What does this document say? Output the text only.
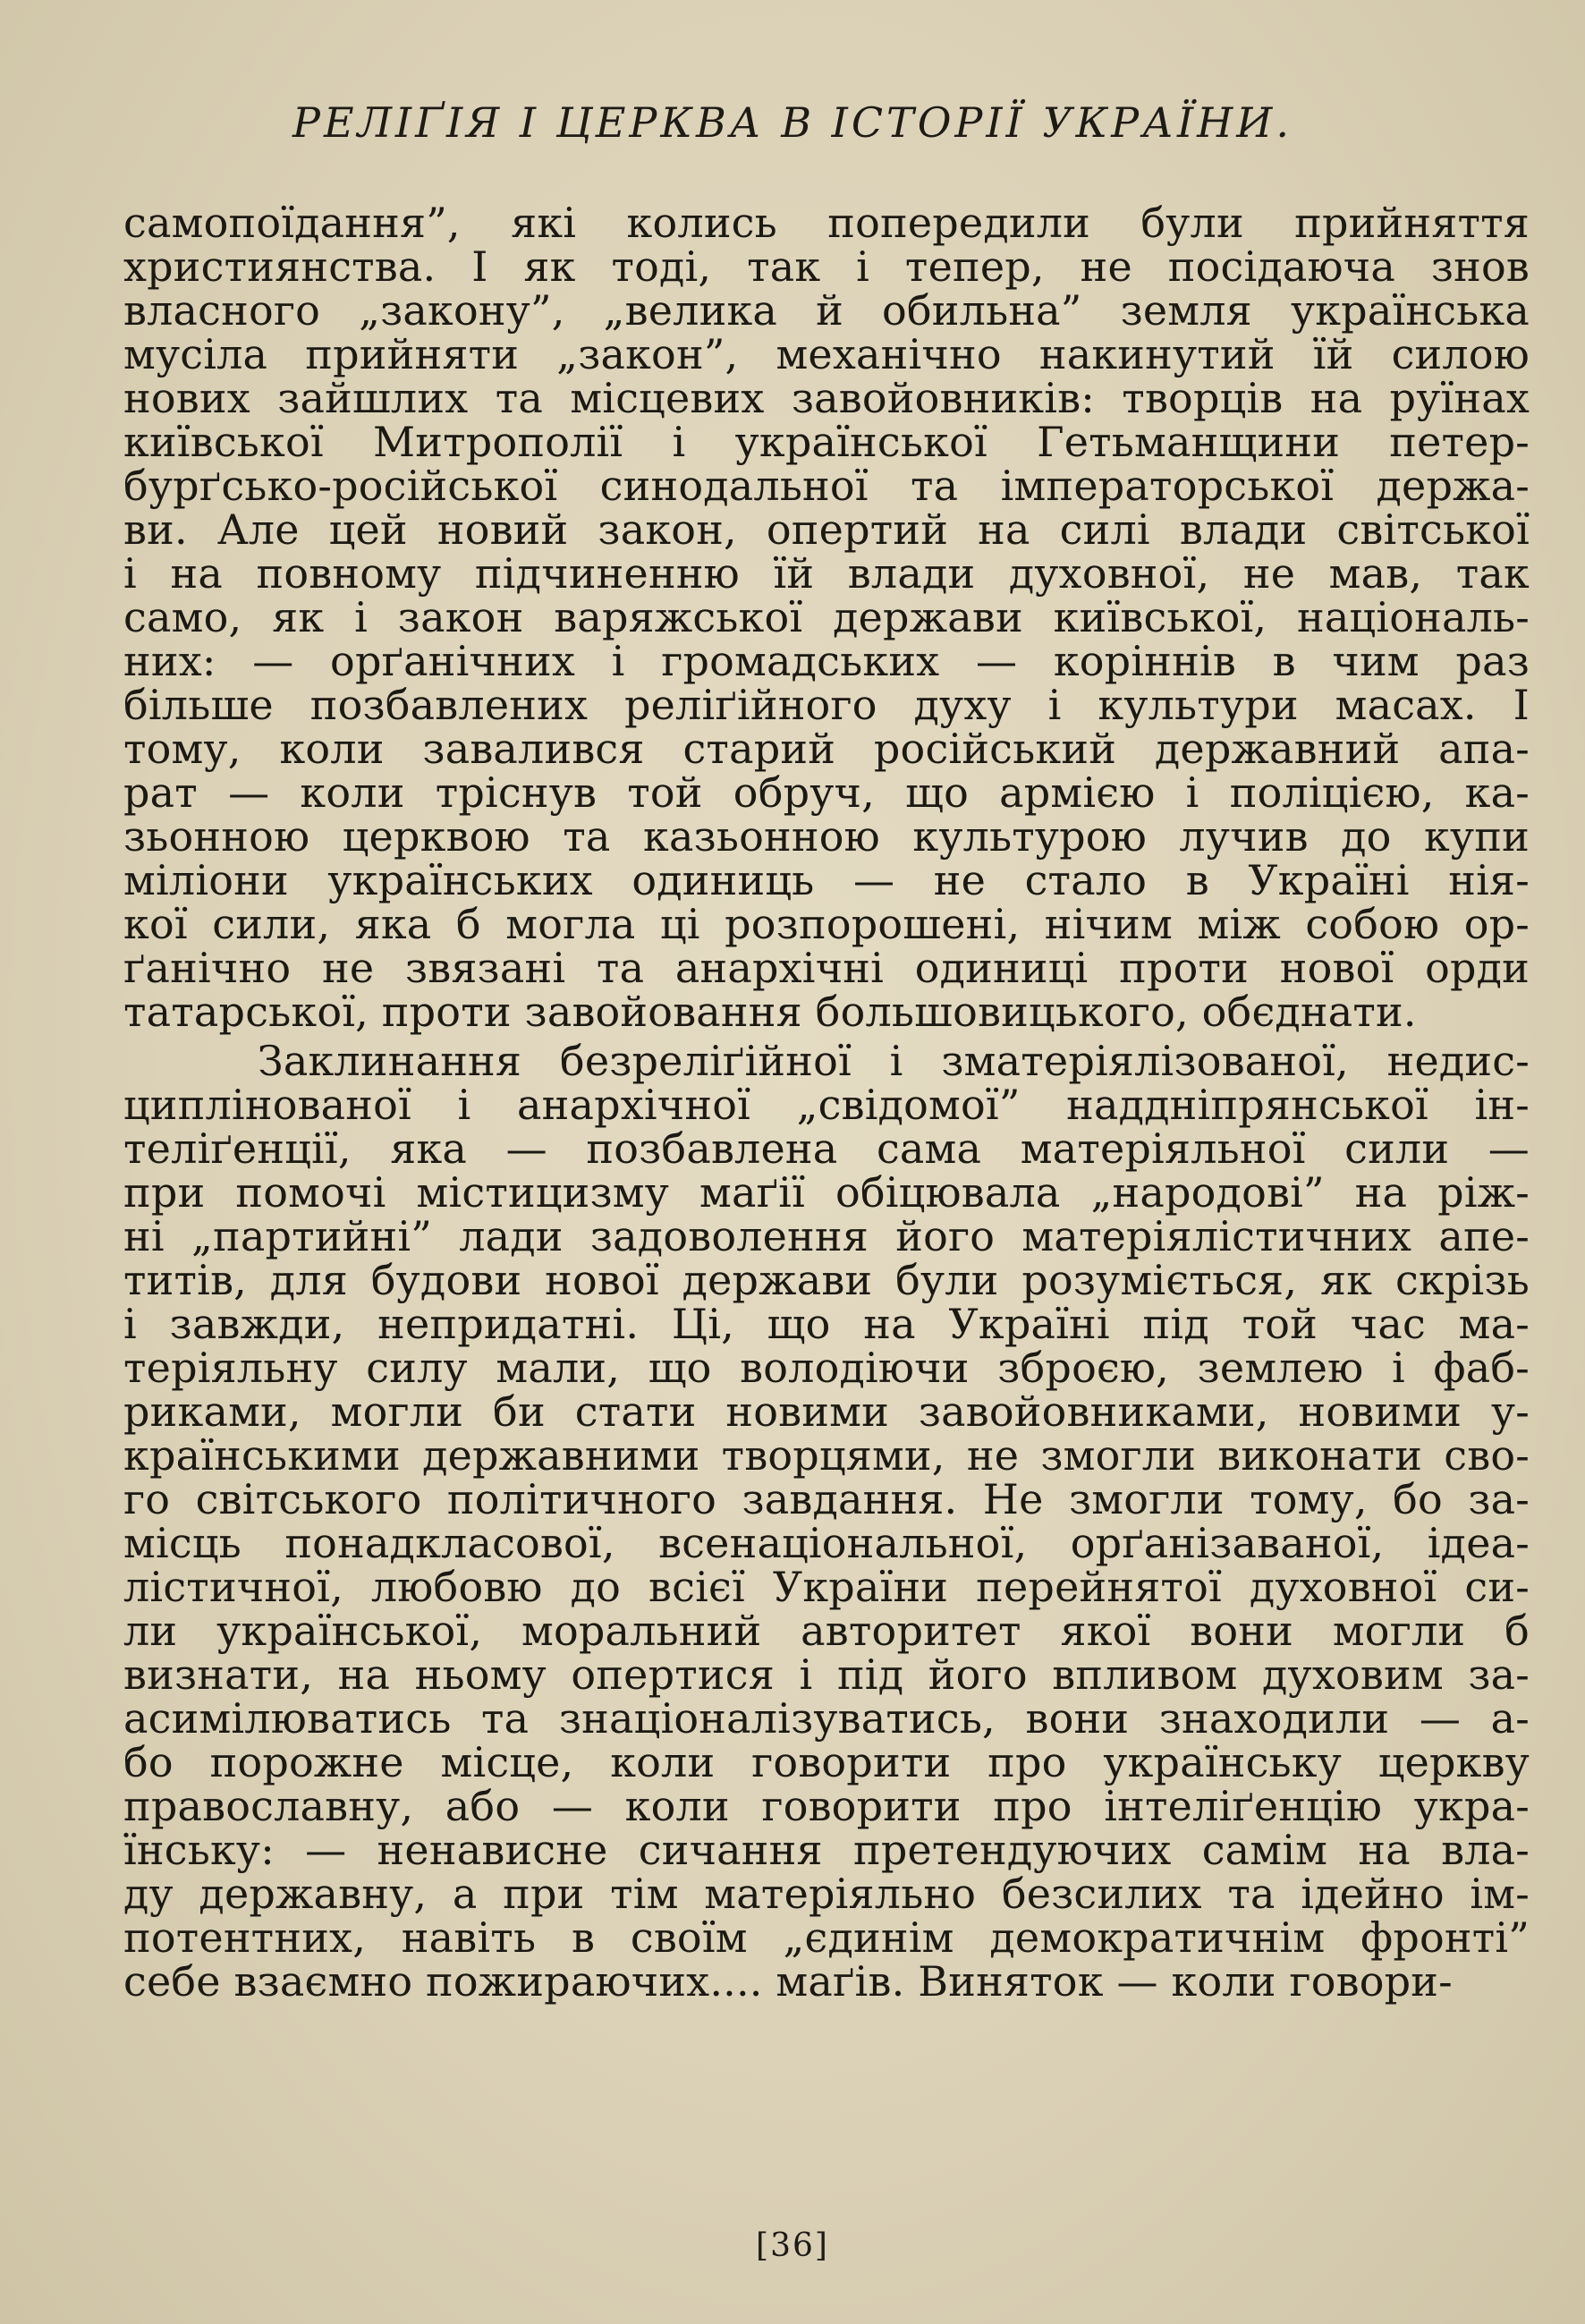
РЕЛІҐІЯ І ЦЕРКВА В ІСТОРІЇ УКРАЇНИ.
самопоїдання”, які колись попередили були прийняття
християнства. І як тоді, так і тепер, не посідаюча знов
власного „закону”, „велика й обильна” земля українська
мусіла прийняти „закон”, механічно накинутий їй силою
нових зайшлих та місцевих завойовників: творців на руїнах
київської Митрополії і української Гетьманщини петер-
бурґсько-російської синодальної та імператорської держа-
ви. Але цей новий закон, опертий на силі влади світської
і на повному підчиненню їй влади духовної, не мав, так
само, як і закон варяжської держави київської, національ-
них: — орґанічних і громадських — коріннів в чим раз
більше позбавлених реліґійного духу і культури масах. І
тому, коли завалився старий російський державний апа-
рат — коли тріснув той обруч, що армією і поліцією, ка-
зьонною церквою та казьонною культурою лучив до купи
міліони українських одиниць — не стало в Україні нія-
кої сили, яка б могла ці розпорошені, нічим між собою ор-
ґанічно не звязані та анархічні одиниці проти нової орди
татарської, проти завойовання большовицького, обєднати.
Заклинання безреліґійної і зматеріялізованої, недис-
циплінованої і анархічної „свідомої” наддніпрянської ін-
теліґенції, яка — позбавлена сама матеріяльної сили —
при помочі містицизму маґії обіцювала „народові” на ріж-
ні „партийні” лади задоволення його матеріялістичних апе-
титів, для будови нової держави були розуміється, як скрізь
і завжди, непридатні. Ці, що на Україні під той час ма-
теріяльну силу мали, що володіючи зброєю, землею і фаб-
риками, могли би стати новими завойовниками, новими у-
країнськими державними творцями, не змогли виконати сво-
го світського політичного завдання. Не змогли тому, бо за-
місць понадкласової, всенаціональної, орґанізаваної, ідеа-
лістичної, любовю до всієї України перейнятої духовної си-
ли української, моральний авторитет якої вони могли б
визнати, на ньому опертися і під його впливом духовим за-
асимілюватись та знаціоналізуватись, вони знаходили — а-
бо порожне місце, коли говорити про українську церкву
православну, або — коли говорити про інтеліґенцію укра-
їнську: — ненависне сичання претендуючих самім на вла-
ду державну, а при тім матеріяльно безсилих та ідейно ім-
потентних, навіть в своїм „єдинім демократичнім фронті”
себе взаємно пожираючих.... маґів. Виняток — коли говори-
[36]
